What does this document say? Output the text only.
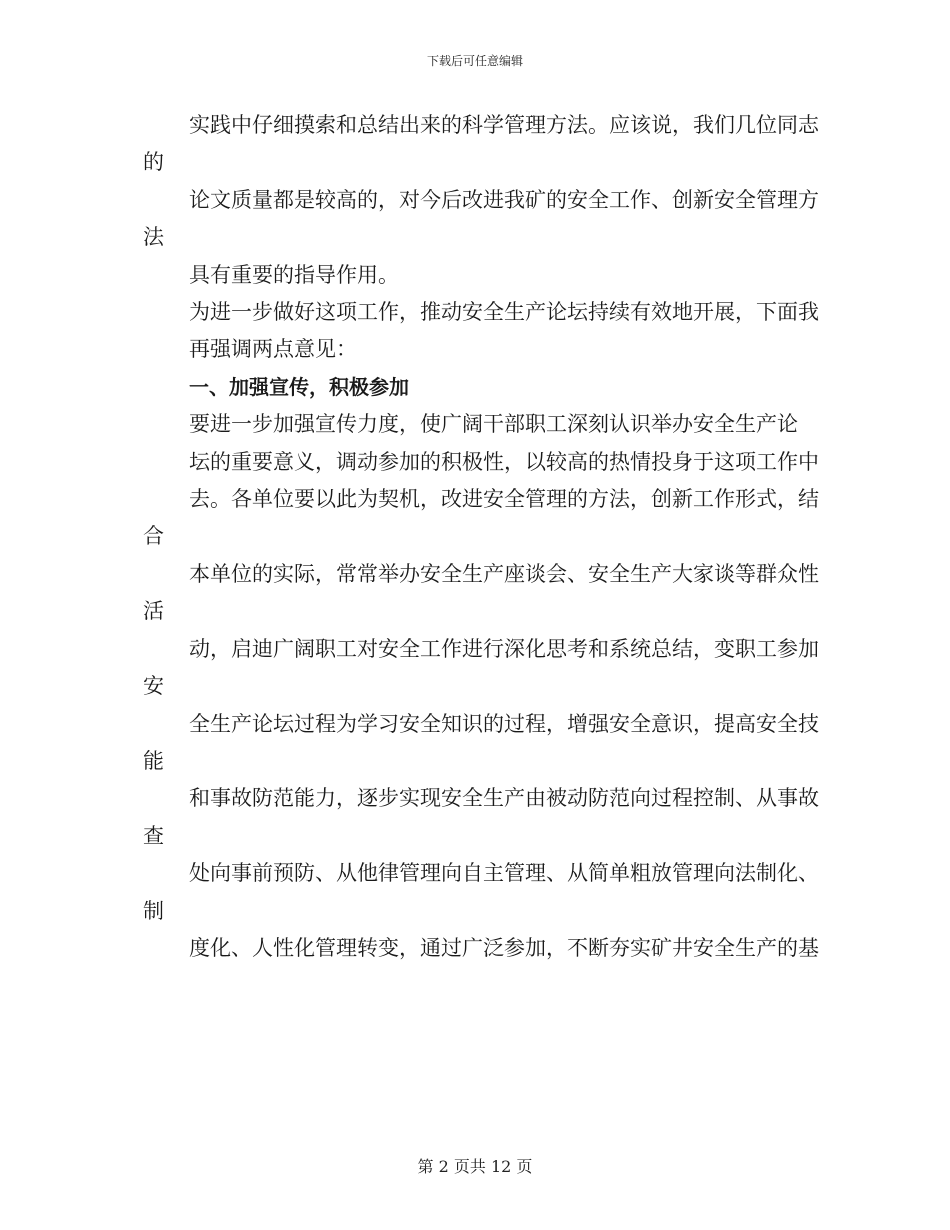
下载后可任意编辑

实践中仔细摸索和总结出来的科学管理方法。应该说，我们几位同志的

论文质量都是较高的，对今后改进我矿的安全工作、创新安全管理方法

具有重要的指导作用。

为进一步做好这项工作，推动安全生产论坛持续有效地开展，下面我

再强调两点意见：

一、加强宣传，积极参加

要进一步加强宣传力度，使广阔干部职工深刻认识举办安全生产论

坛的重要意义，调动参加的积极性，以较高的热情投身于这项工作中

去。各单位要以此为契机，改进安全管理的方法，创新工作形式，结合

本单位的实际，常常举办安全生产座谈会、安全生产大家谈等群众性活

动，启迪广阔职工对安全工作进行深化思考和系统总结，变职工参加安

全生产论坛过程为学习安全知识的过程，增强安全意识，提高安全技能

和事故防范能力，逐步实现安全生产由被动防范向过程控制、从事故查

处向事前预防、从他律管理向自主管理、从简单粗放管理向法制化、制

度化、人性化管理转变，通过广泛参加，不断夯实矿井安全生产的基

第 2 页共 12 页
